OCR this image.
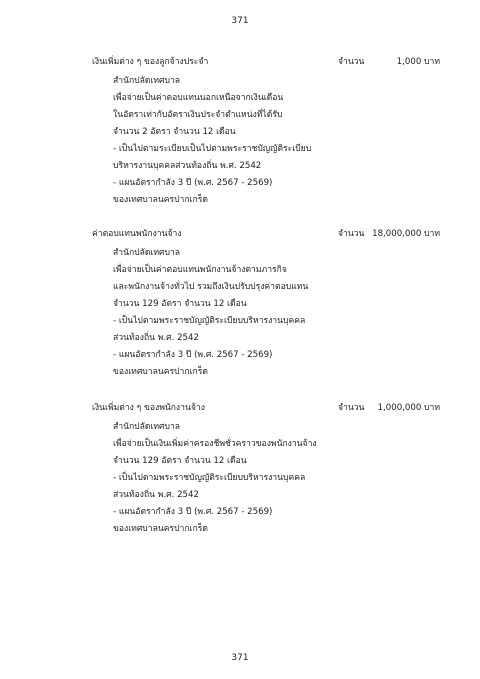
371
เงินเพิ่มต่าง ๆ ของลูกจ้างประจำ	จำนวน	1,000 บาท
สำนักปลัดเทศบาล
เพื่อจ่ายเป็นค่าตอบแทนนอกเหนือจากเงินเดือน
ในอัตราเท่ากับอัตราเงินประจำตำแหน่งที่ได้รับ
จำนวน 2 อัตรา จำนวน 12 เดือน
- เป็นไปตามระเบียบเป็นไปตามพระราชบัญญัติระเบียบ
บริหารงานบุคคลส่วนท้องถิ่น พ.ศ. 2542
- แผนอัตรากำลัง 3 ปี (พ.ศ. 2567 - 2569)
ของเทศบาลนครปากเกร็ด
ค่าตอบแทนพนักงานจ้าง	จำนวน 18,000,000 บาท
สำนักปลัดเทศบาล
เพื่อจ่ายเป็นค่าตอบแทนพนักงานจ้างตามภารกิจ
และพนักงานจ้างทั่วไป รวมถึงเงินปรับปรุงค่าตอบแทน
จำนวน 129 อัตรา จำนวน 12 เดือน
- เป็นไปตามพระราชบัญญัติระเบียบบริหารงานบุคคล
ส่วนท้องถิ่น พ.ศ. 2542
- แผนอัตรากำลัง 3 ปี (พ.ศ. 2567 - 2569)
ของเทศบาลนครปากเกร็ด
เงินเพิ่มต่าง ๆ ของพนักงานจ้าง	จำนวน 1,000,000 บาท
สำนักปลัดเทศบาล
เพื่อจ่ายเป็นเงินเพิ่มค่าครองชีพชั่วคราวของพนักงานจ้าง
จำนวน 129 อัตรา จำนวน 12 เดือน
- เป็นไปตามพระราชบัญญัติระเบียบบริหารงานบุคคล
ส่วนท้องถิ่น พ.ศ. 2542
- แผนอัตรากำลัง 3 ปี (พ.ศ. 2567 - 2569)
ของเทศบาลนครปากเกร็ด
371
